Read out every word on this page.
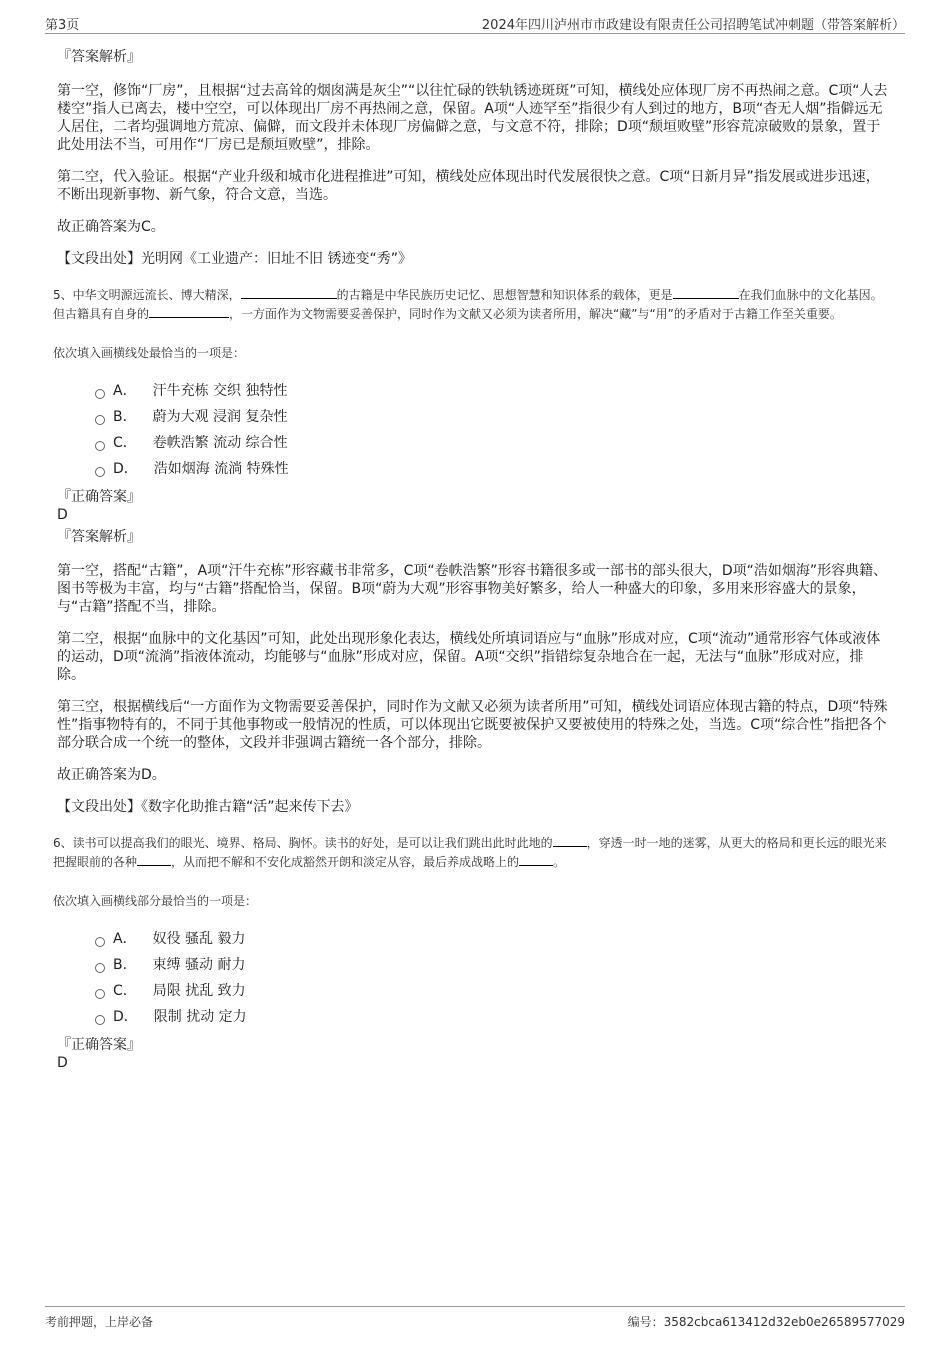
第3页	2024年四川泸州市市政建设有限责任公司招聘笔试冲刺题（带答案解析）

『答案解析』

第一空，修饰“厂房”，且根据“过去高耸的烟囱满是灰尘”“以往忙碌的铁轨锈迹斑斑”可知，横线处应体现厂房不再热闹之意。C项“人去楼空”指人已离去，楼中空空，可以体现出厂房不再热闹之意，保留。A项“人迹罕至”指很少有人到过的地方，B项“杳无人烟”指僻远无人居住，二者均强调地方荒凉、偏僻，而文段并未体现厂房偏僻之意，与文意不符，排除；D项“颓垣败壁”形容荒凉破败的景象，置于此处用法不当，可用作“厂房已是颓垣败壁”，排除。

第二空，代入验证。根据“产业升级和城市化进程推进”可知，横线处应体现出时代发展很快之意。C项“日新月异”指发展或进步迅速，不断出现新事物、新气象，符合文意，当选。

故正确答案为C。

【文段出处】光明网《工业遗产：旧址不旧 锈迹变“秀”》

5、中华文明源远流长、博大精深，	的古籍是中华民族历史记忆、思想智慧和知识体系的载体，更是	在我们血脉中的文化基因。但古籍具有自身的	，一方面作为文物需要妥善保护，同时作为文献又必须为读者所用，解决“藏”与“用”的矛盾对于古籍工作至关重要。

依次填入画横线处最恰当的一项是：

A． 汗牛充栋 交织 独特性
B． 蔚为大观 浸润 复杂性
C． 卷帙浩繁 流动 综合性
D． 浩如烟海 流淌 特殊性

『正确答案』

D

『答案解析』

第一空，搭配“古籍”，A项“汗牛充栋”形容藏书非常多，C项“卷帙浩繁”形容书籍很多或一部书的部头很大，D项“浩如烟海”形容典籍、图书等极为丰富，均与“古籍”搭配恰当，保留。B项“蔚为大观”形容事物美好繁多，给人一种盛大的印象，多用来形容盛大的景象，与“古籍”搭配不当，排除。

第二空，根据“血脉中的文化基因”可知，此处出现形象化表达，横线处所填词语应与“血脉”形成对应，C项“流动”通常形容气体或液体的运动，D项“流淌”指液体流动，均能够与“血脉”形成对应，保留。A项“交织”指错综复杂地合在一起，无法与“血脉”形成对应，排除。

第三空，根据横线后“一方面作为文物需要妥善保护，同时作为文献又必须为读者所用”可知，横线处词语应体现古籍的特点，D项“特殊性”指事物特有的，不同于其他事物或一般情况的性质，可以体现出它既要被保护又要被使用的特殊之处，当选。C项“综合性”指把各个部分联合成一个统一的整体，文段并非强调古籍统一各个部分，排除。

故正确答案为D。

【文段出处】《数字化助推古籍“活”起来传下去》

6、读书可以提高我们的眼光、境界、格局、胸怀。读书的好处，是可以让我们跳出此时此地的	，穿透一时一地的迷雾，从更大的格局和更长远的眼光来把握眼前的各种	，从而把不解和不安化成豁然开朗和淡定从容，最后养成战略上的	。

依次填入画横线部分最恰当的一项是：

A． 奴役 骚乱 毅力
B． 束缚 骚动 耐力
C． 局限 扰乱 致力
D． 限制 扰动 定力

『正确答案』

D

考前押题，上岸必备	编号：3582cbca613412d32eb0e26589577029
